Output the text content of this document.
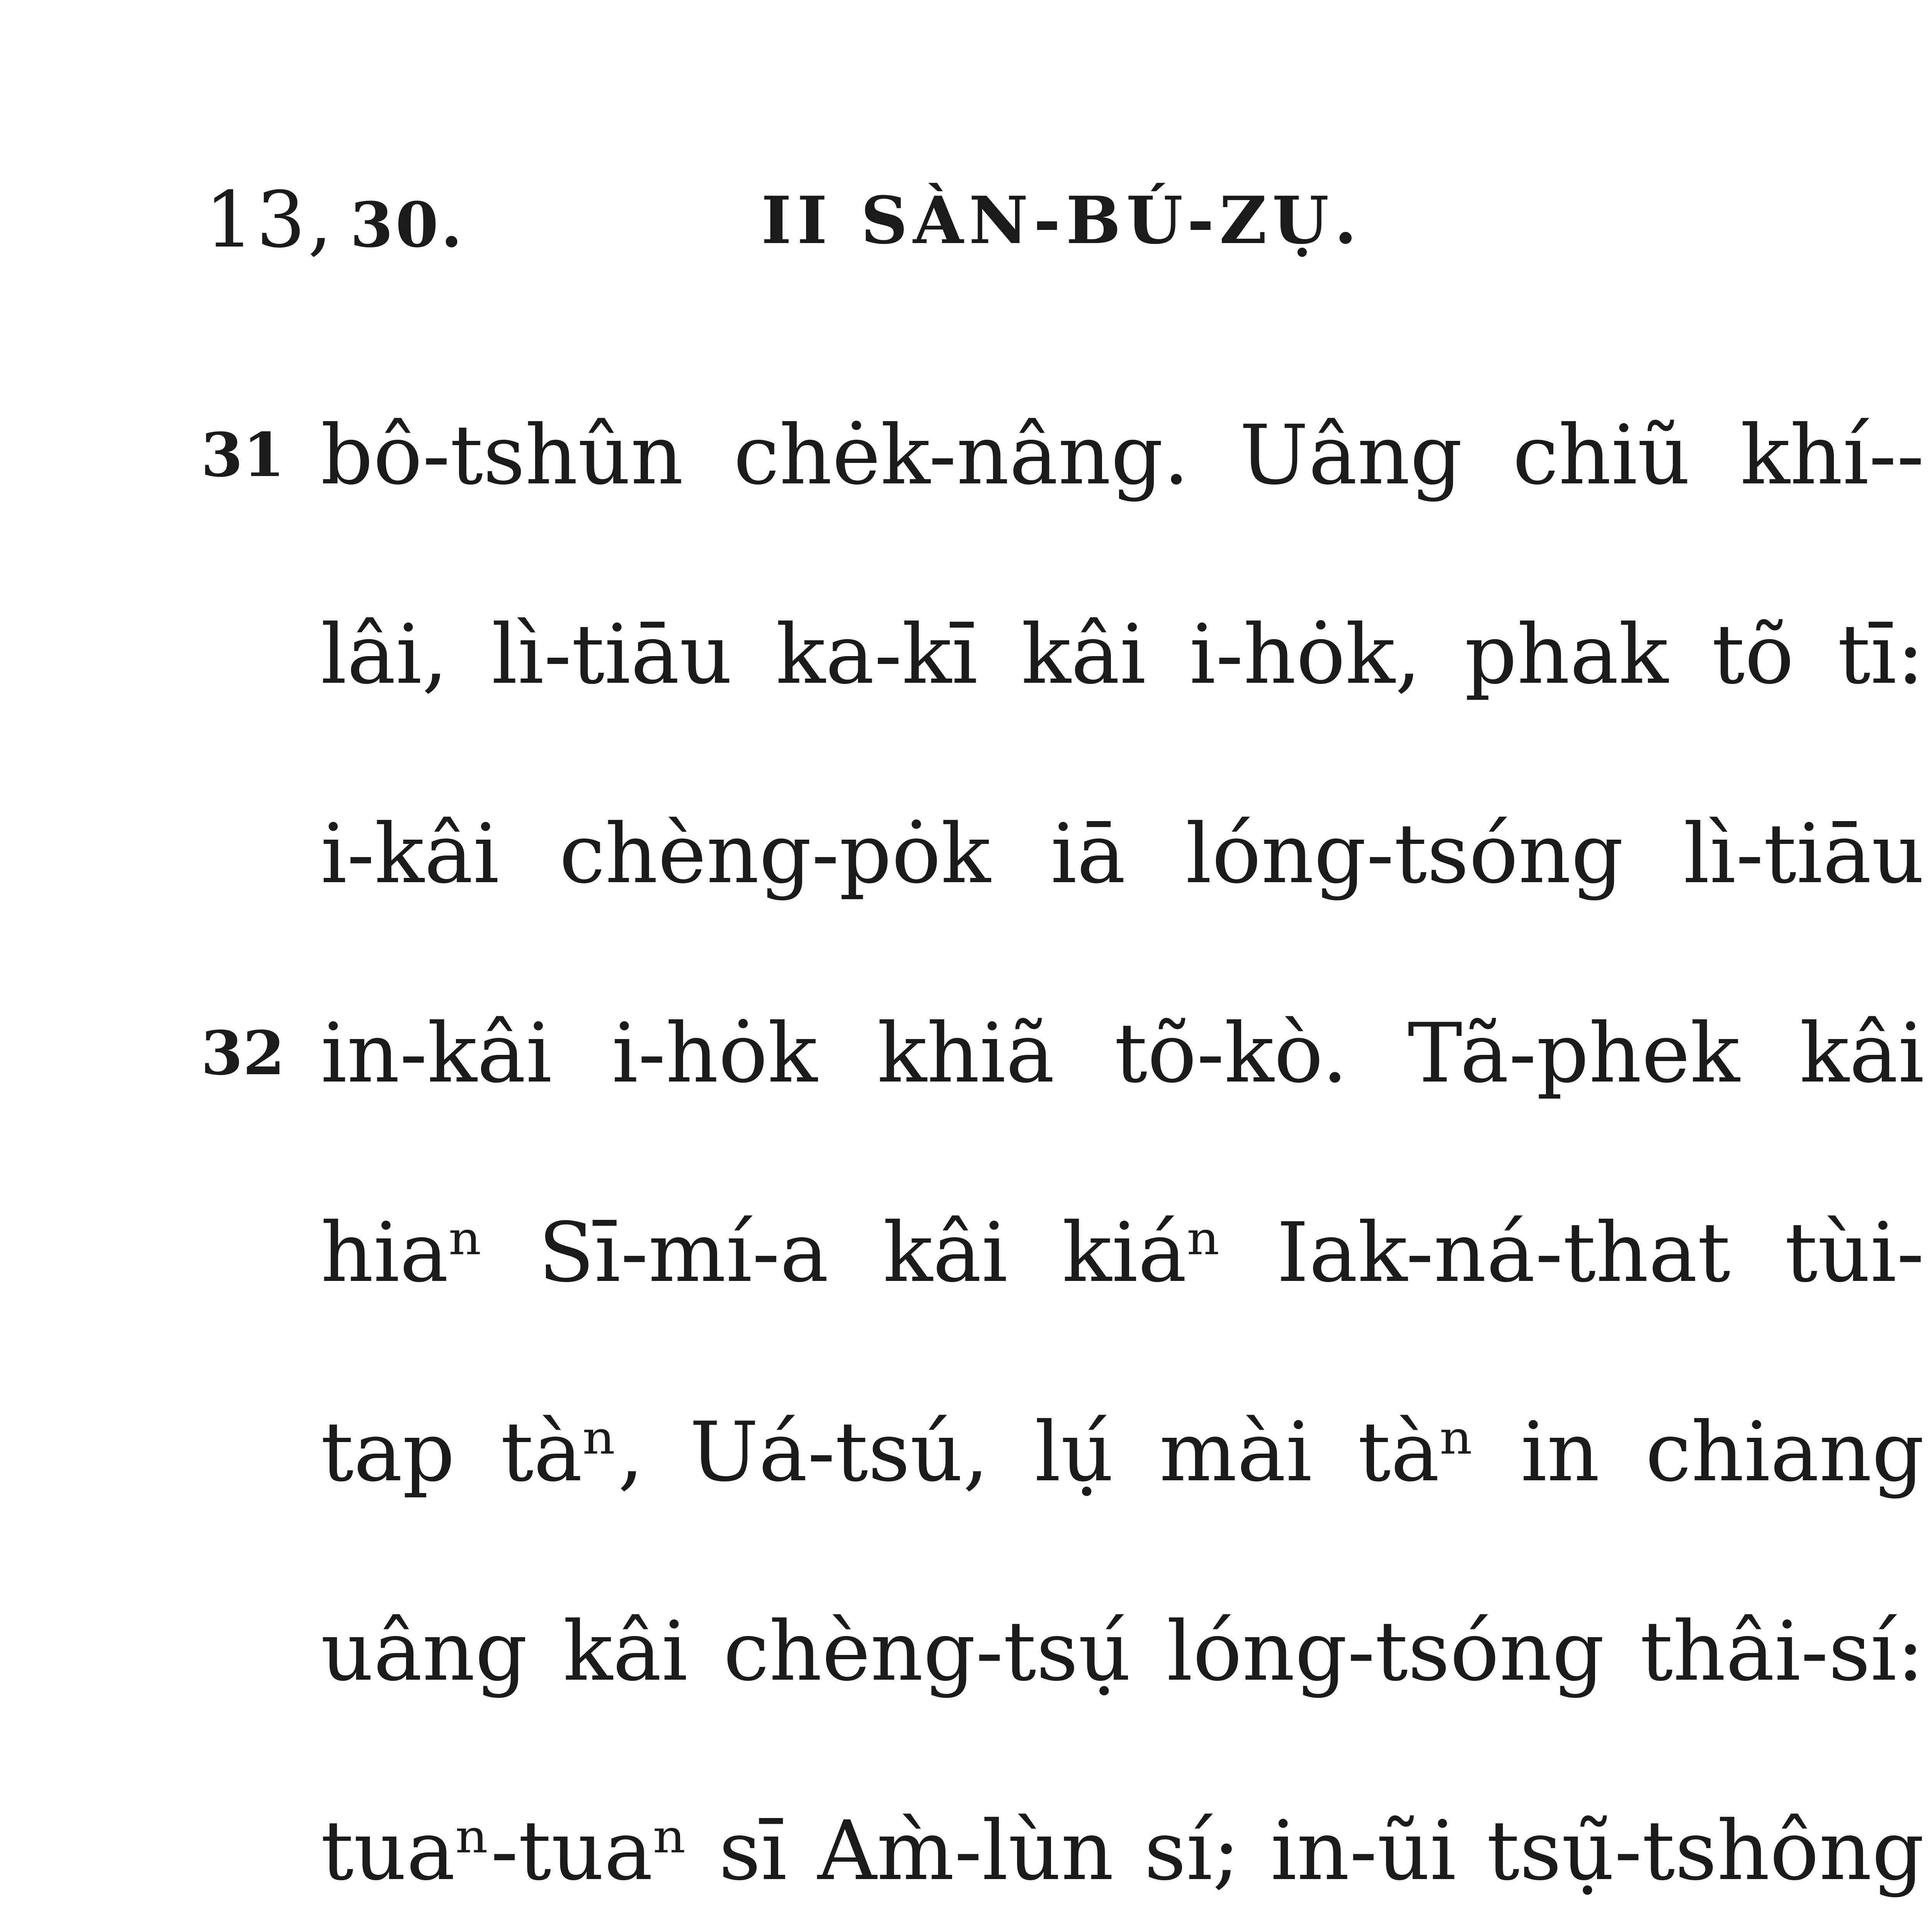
13, 30.	II SÀN-BÚ-ZỤ.
31 bô-tshûn chėk-nâng. Uâng chiũ khí--
lâi, lì-tiāu ka-kī kâi i-hȯk, phak tõ tī:
i-kâi chèng-pȯk iā lóng-tsóng lì-tiāu
32 in-kâi i-hȯk khiã tõ-kò. Tã-phek kâi
hiaⁿ Sī-mí-a kâi kiáⁿ Iak-ná-that tùi-
tap tàⁿ, Uá-tsú, lụ́ mài tàⁿ in chiang
uâng kâi chèng-tsụ́ lóng-tsóng thâi-sí:
tuaⁿ-tuaⁿ sī Am̀-lùn sí; in-ũi tsụ̃-tshông
